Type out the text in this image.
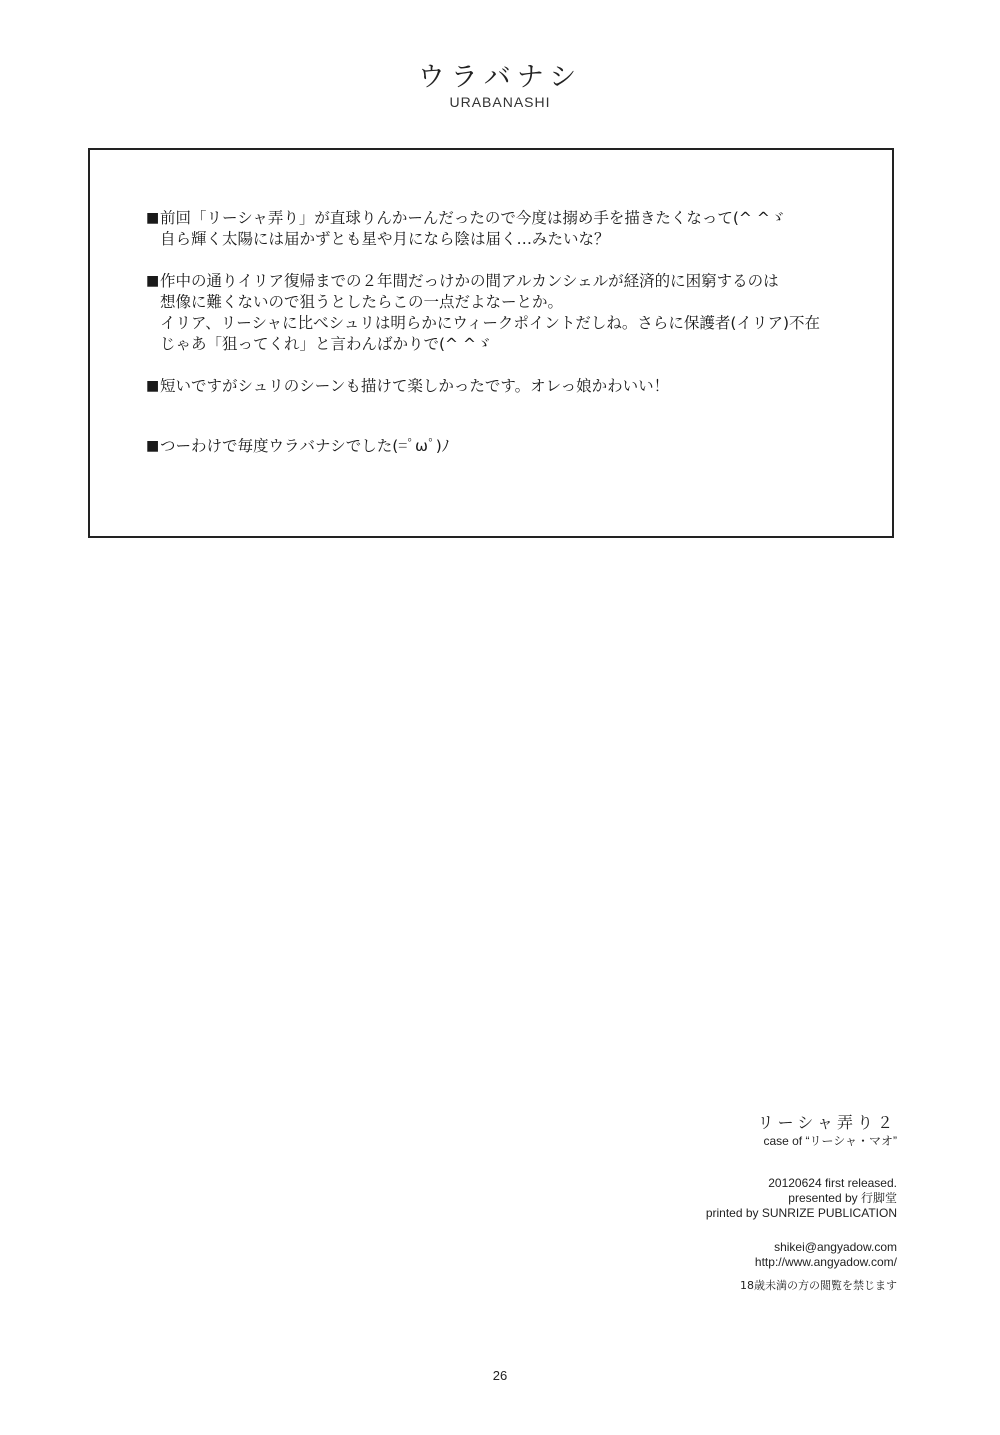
ウラバナシ
URABANASHI
■ 前回「リーシャ弄り」が直球りんかーんだったので今度は搦め手を描きたくなって(^ ^ゞ
自ら輝く太陽には届かずとも星や月になら陰は届く…みたいな？
■ 作中の通りイリア復帰までの２年間だっけかの間アルカンシェルが経済的に困窮するのは
想像に難くないので狙うとしたらこの一点だよなーとか。
イリア、リーシャに比べシュリは明らかにウィークポイントだしね。さらに保護者(イリア)不在
じゃあ「狙ってくれ」と言わんばかりで(^ ^ゞ
■ 短いですがシュリのシーンも描けて楽しかったです。オレっ娘かわいい！
■ つーわけで毎度ウラバナシでした(=ﾟωﾟ)ﾉ
リーシャ弄り２
case of “リーシャ・マオ”
20120624 first released.
presented by 行脚堂
printed by SUNRIZE PUBLICATION
shikei@angyadow.com
http://www.angyadow.com/
18歳未満の方の閲覧を禁じます
26
